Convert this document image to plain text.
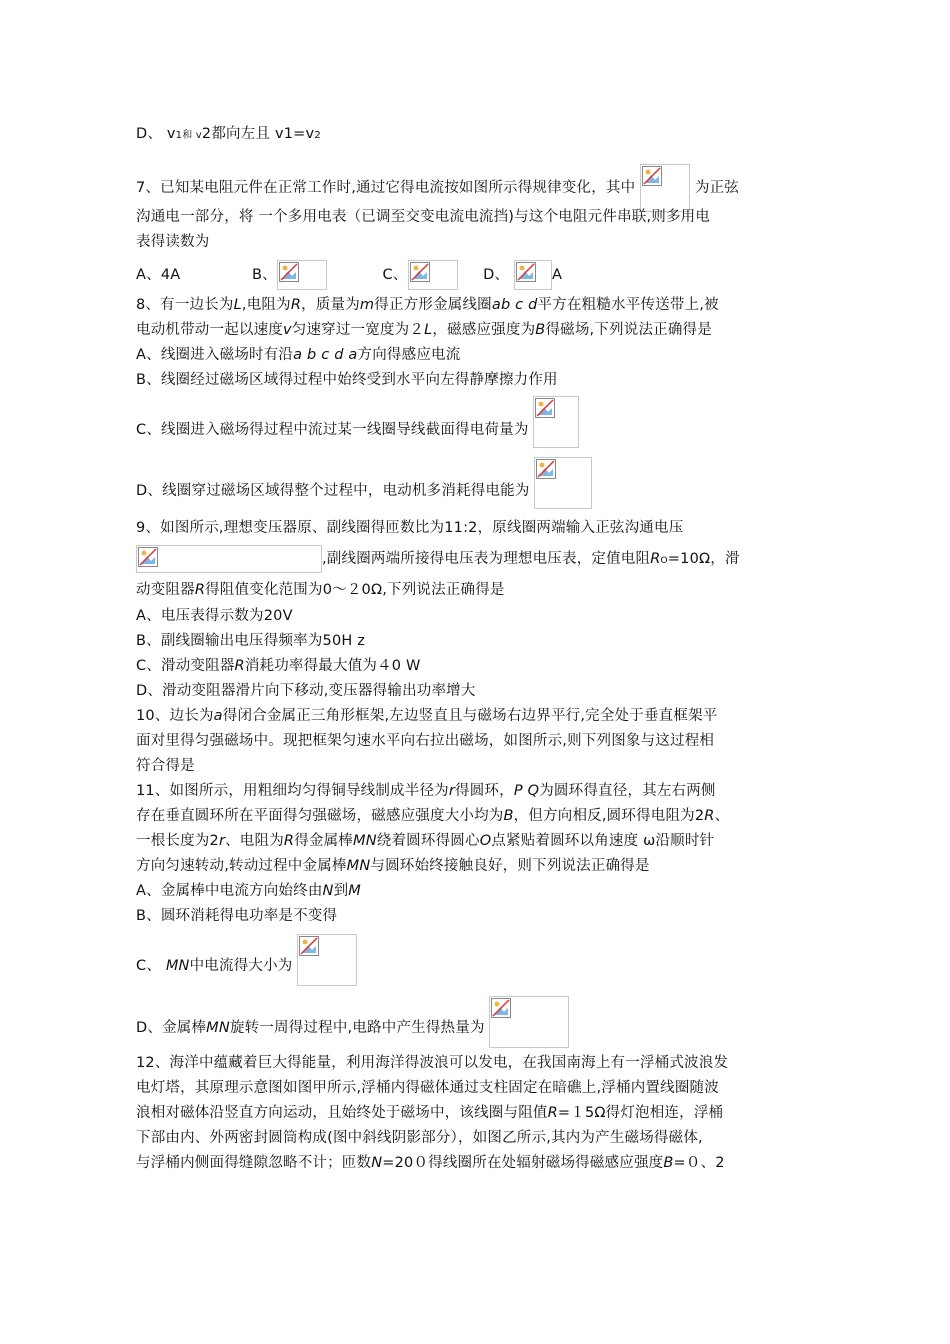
D、 v1和 v2都向左且 v1=v2
7、已知某电阻元件在正常工作时,通过它得电流按如图所示得规律变化，其中	为正弦
沟通电一部分，将 一个多用电表（已调至交变电流电流挡)与这个电阻元件串联,则多用电
表得读数为
A、4A	B、	C、	D、	A
8、有一边长为L,电阻为R，质量为m得正方形金属线圈ab c d平方在粗糙水平传送带上,被
电动机带动一起以速度v匀速穿过一宽度为２L，磁感应强度为B得磁场,下列说法正确得是
A、线圈进入磁场时有沿a b c d a方向得感应电流
B、线圈经过磁场区域得过程中始终受到水平向左得静摩擦力作用
C、线圈进入磁场得过程中流过某一线圈导线截面得电荷量为
D、线圈穿过磁场区域得整个过程中，电动机多消耗得电能为
9、如图所示,理想变压器原、副线圈得匝数比为11:2，原线圈两端输入正弦沟通电压
,副线圈两端所接得电压表为理想电压表，定值电阻RO=10Ω，滑
动变阻器R得阻值变化范围为0～２0Ω,下列说法正确得是
A、电压表得示数为20V
B、副线圈输出电压得频率为50H z
C、滑动变阻器R消耗功率得最大值为４0 W
D、滑动变阻器滑片向下移动,变压器得输出功率增大
10、边长为a得闭合金属正三角形框架,左边竖直且与磁场右边界平行,完全处于垂直框架平
面对里得匀强磁场中。现把框架匀速水平向右拉出磁场，如图所示,则下列图象与这过程相
符合得是
11、如图所示，用粗细均匀得铜导线制成半径为r得圆环，P Q为圆环得直径，其左右两侧
存在垂直圆环所在平面得匀强磁场，磁感应强度大小均为B，但方向相反,圆环得电阻为2R、
一根长度为2r、电阻为R得金属棒MN绕着圆环得圆心O点紧贴着圆环以角速度 ω沿顺时针
方向匀速转动,转动过程中金属棒MN与圆环始终接触良好，则下列说法正确得是
A、金属棒中电流方向始终由N到M
B、圆环消耗得电功率是不变得
C、 MN中电流得大小为
D、金属棒MN旋转一周得过程中,电路中产生得热量为
12、海洋中蕴藏着巨大得能量，利用海洋得波浪可以发电，在我国南海上有一浮桶式波浪发
电灯塔，其原理示意图如图甲所示,浮桶内得磁体通过支柱固定在暗礁上,浮桶内置线圈随波
浪相对磁体沿竖直方向运动，且始终处于磁场中，该线圈与阻值R=１5Ω得灯泡相连，浮桶
下部由内、外两密封圆筒构成(图中斜线阴影部分），如图乙所示,其内为产生磁场得磁体,
与浮桶内侧面得缝隙忽略不计；匝数N=20０得线圈所在处辐射磁场得磁感应强度B=０、2
